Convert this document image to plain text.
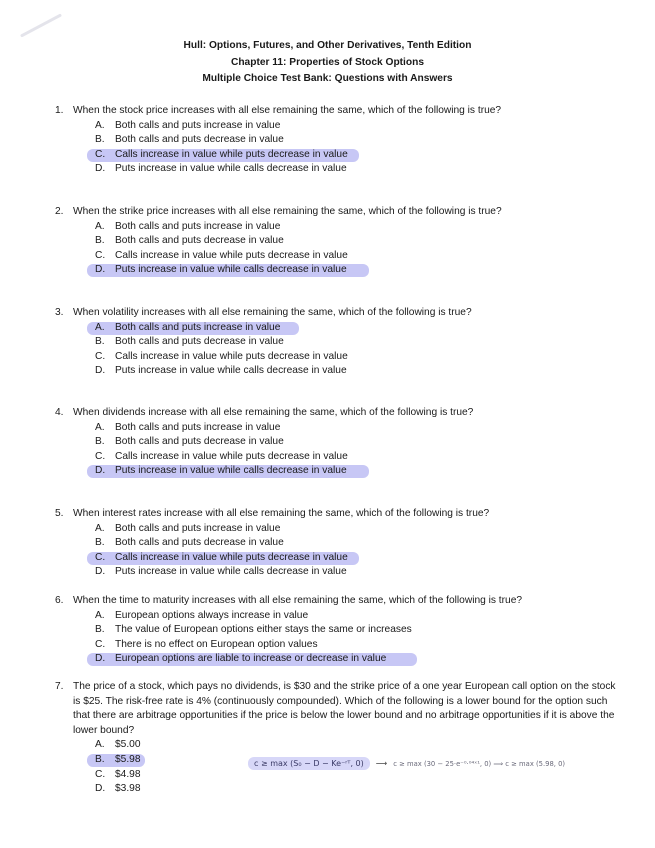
Hull: Options, Futures, and Other Derivatives, Tenth Edition
Chapter 11: Properties of Stock Options
Multiple Choice Test Bank: Questions with Answers
1. When the stock price increases with all else remaining the same, which of the following is true?
A. Both calls and puts increase in value
B. Both calls and puts decrease in value
C. Calls increase in value while puts decrease in value
D. Puts increase in value while calls decrease in value
2. When the strike price increases with all else remaining the same, which of the following is true?
A. Both calls and puts increase in value
B. Both calls and puts decrease in value
C. Calls increase in value while puts decrease in value
D. Puts increase in value while calls decrease in value
3. When volatility increases with all else remaining the same, which of the following is true?
A. Both calls and puts increase in value
B. Both calls and puts decrease in value
C. Calls increase in value while puts decrease in value
D. Puts increase in value while calls decrease in value
4. When dividends increase with all else remaining the same, which of the following is true?
A. Both calls and puts increase in value
B. Both calls and puts decrease in value
C. Calls increase in value while puts decrease in value
D. Puts increase in value while calls decrease in value
5. When interest rates increase with all else remaining the same, which of the following is true?
A. Both calls and puts increase in value
B. Both calls and puts decrease in value
C. Calls increase in value while puts decrease in value
D. Puts increase in value while calls decrease in value
6. When the time to maturity increases with all else remaining the same, which of the following is true?
A. European options always increase in value
B. The value of European options either stays the same or increases
C. There is no effect on European option values
D. European options are liable to increase or decrease in value
7. The price of a stock, which pays no dividends, is $30 and the strike price of a one year European call option on the stock is $25. The risk-free rate is 4% (continuously compounded). Which of the following is a lower bound for the option such that there are arbitrage opportunities if the price is below the lower bound and no arbitrage opportunities if it is above the lower bound?
A. $5.00
B. $5.98
C. $4.98
D. $3.98
c ≥ max (S₀ − D − Ke⁻ʳᵀ, 0)	⟶ c ≥ max (30 − 25·e⁻⁰·⁰⁴ˣ¹, 0) ⟹ c ≥ max (5.98, 0)
